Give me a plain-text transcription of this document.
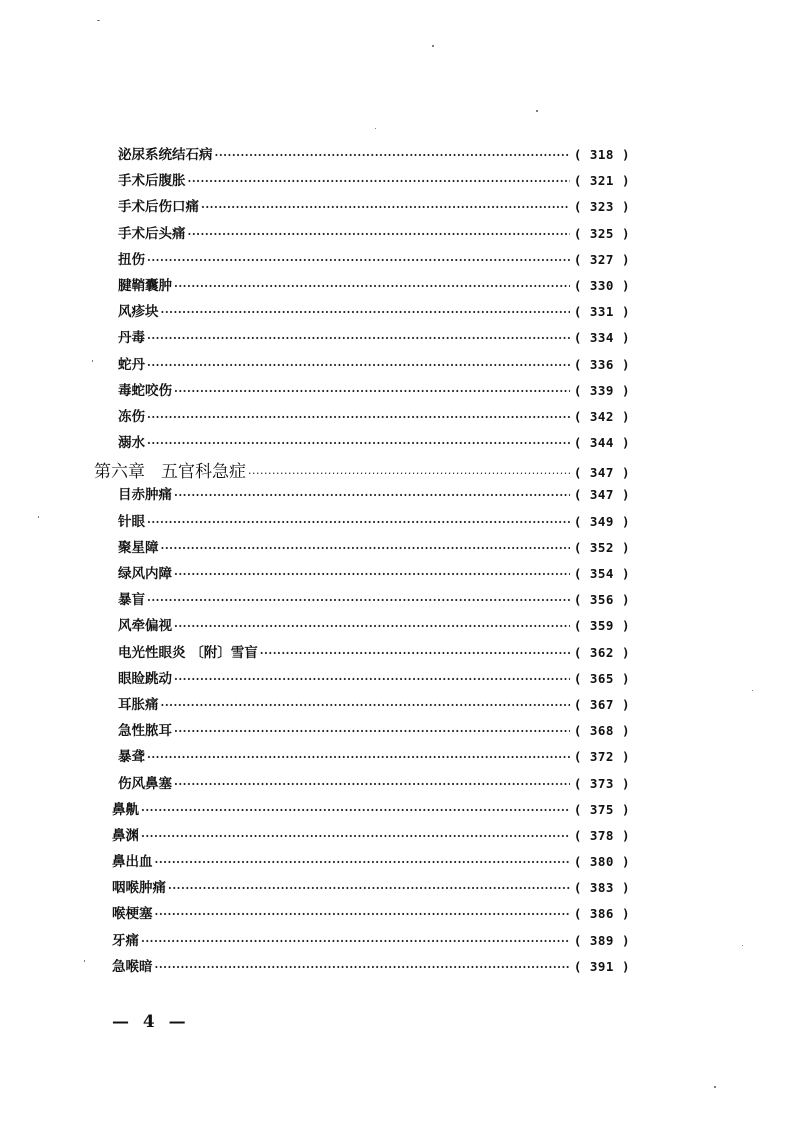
泌尿系统结石病 ·····	( 318 )
手术后腹胀 ·····	( 321 )
手术后伤口痛 ·····	( 323 )
手术后头痛 ·····	( 325 )
扭伤 ·····	( 327 )
腱鞘囊肿 ·····	( 330 )
风疹块 ·····	( 331 )
丹毒 ·····	( 334 )
蛇丹 ·····	( 336 )
毒蛇咬伤 ·····	( 339 )
冻伤 ·····	( 342 )
溺水 ·····	( 344 )
第六章 五官科急症 ·····	( 347 )
目赤肿痛 ·····	( 347 )
针眼 ·····	( 349 )
聚星障 ·····	( 352 )
绿风内障 ·····	( 354 )
暴盲 ·····	( 356 )
风牵偏视 ·····	( 359 )
电光性眼炎 〔附〕雪盲 ·····	( 362 )
眼睑跳动 ·····	( 365 )
耳胀痛 ·····	( 367 )
急性脓耳 ·····	( 368 )
暴聋 ·····	( 372 )
伤风鼻塞 ·····	( 373 )
鼻鼽 ·····	( 375 )
鼻渊 ·····	( 378 )
鼻出血 ·····	( 380 )
咽喉肿痛 ·····	( 383 )
喉梗塞 ·····	( 386 )
牙痛 ·····	( 389 )
急喉暗 ·····	( 391 )
— 4 —
